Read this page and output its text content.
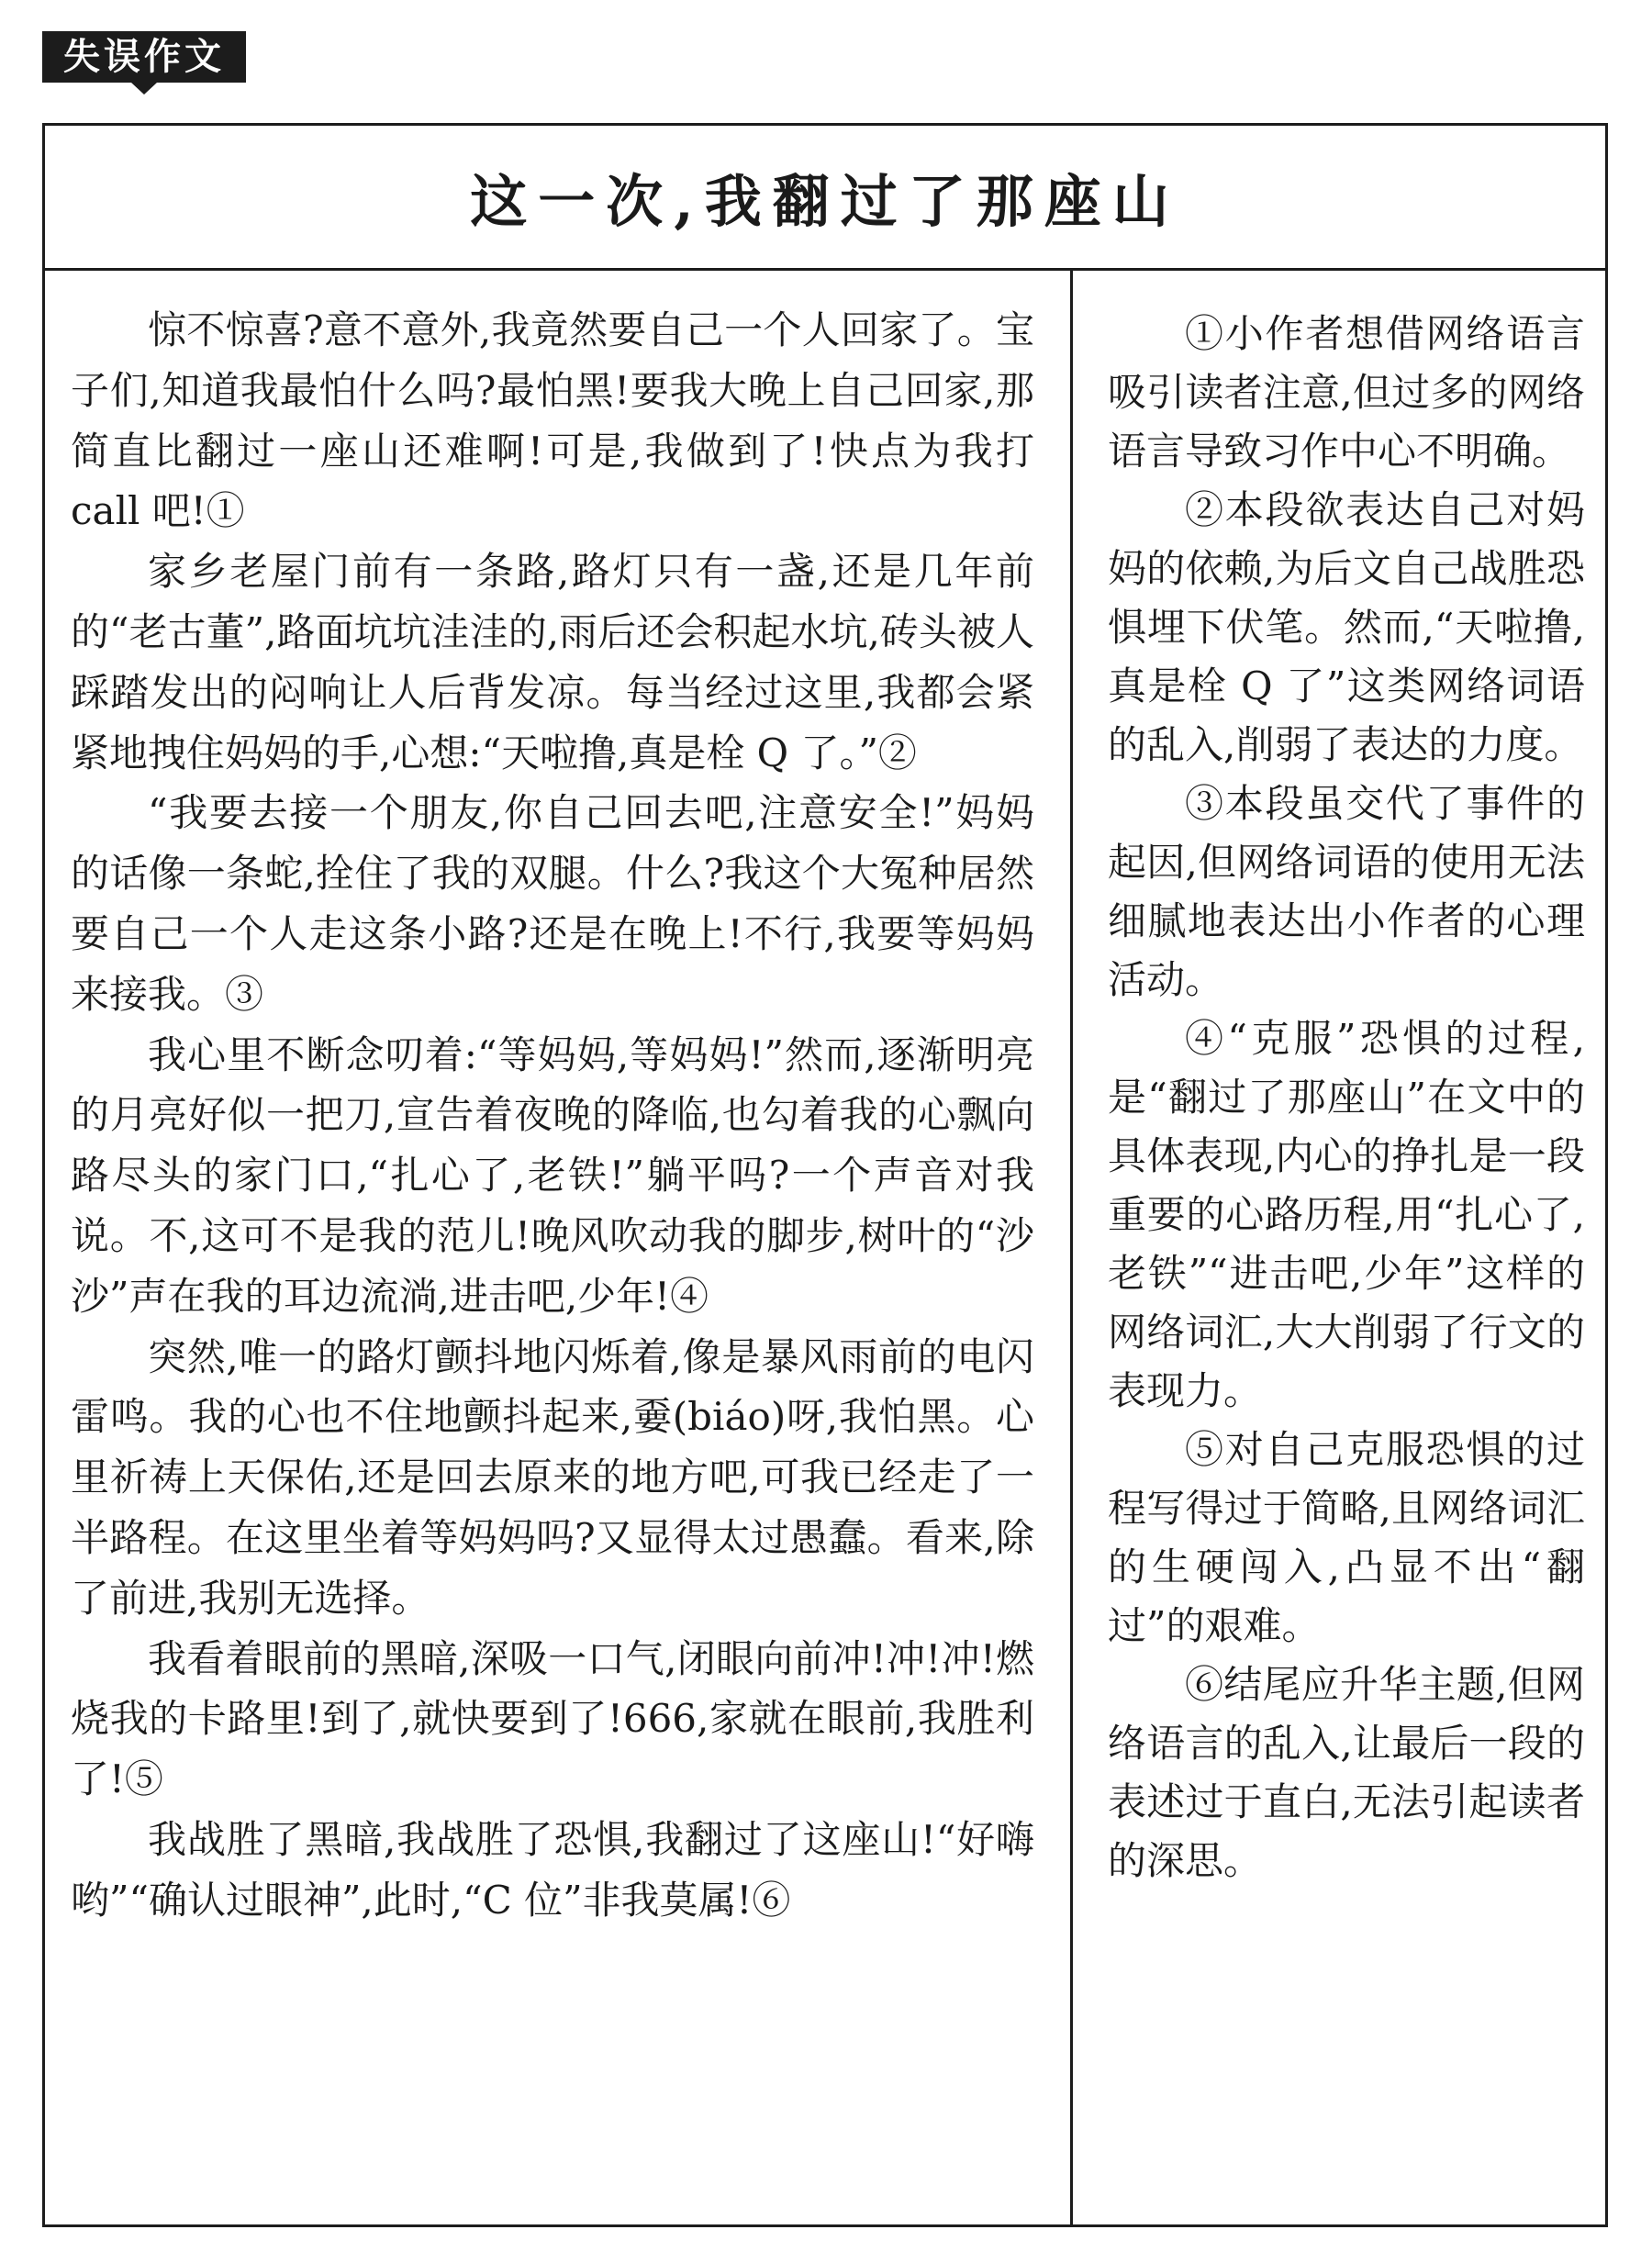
失误作文
这一次,我翻过了那座山

惊不惊喜?意不意外,我竟然要自己一个人回家了。宝子们,知道我最怕什么吗?最怕黑!要我大晚上自己回家,那简直比翻过一座山还难啊!可是,我做到了!快点为我打 call 吧!①

家乡老屋门前有一条路,路灯只有一盏,还是几年前的“老古董”,路面坑坑洼洼的,雨后还会积起水坑,砖头被人踩踏发出的闷响让人后背发凉。每当经过这里,我都会紧紧地拽住妈妈的手,心想:“天啦撸,真是栓 Q 了。”②

“我要去接一个朋友,你自己回去吧,注意安全!”妈妈的话像一条蛇,拴住了我的双腿。什么?我这个大冤种居然要自己一个人走这条小路?还是在晚上!不行,我要等妈妈来接我。③

我心里不断念叨着:“等妈妈,等妈妈!”然而,逐渐明亮的月亮好似一把刀,宣告着夜晚的降临,也勾着我的心飘向路尽头的家门口,“扎心了,老铁!”躺平吗?一个声音对我说。不,这可不是我的范儿!晚风吹动我的脚步,树叶的“沙沙”声在我的耳边流淌,进击吧,少年!④

突然,唯一的路灯颤抖地闪烁着,像是暴风雨前的电闪雷鸣。我的心也不住地颤抖起来,嫑(biáo)呀,我怕黑。心里祈祷上天保佑,还是回去原来的地方吧,可我已经走了一半路程。在这里坐着等妈妈吗?又显得太过愚蠢。看来,除了前进,我别无选择。

我看着眼前的黑暗,深吸一口气,闭眼向前冲!冲!冲!燃烧我的卡路里!到了,就快要到了!666,家就在眼前,我胜利了!⑤

我战胜了黑暗,我战胜了恐惧,我翻过了这座山!“好嗨哟”“确认过眼神”,此时,“C 位”非我莫属!⑥

①小作者想借网络语言吸引读者注意,但过多的网络语言导致习作中心不明确。

②本段欲表达自己对妈妈的依赖,为后文自己战胜恐惧埋下伏笔。然而,“天啦撸,真是栓 Q 了”这类网络词语的乱入,削弱了表达的力度。

③本段虽交代了事件的起因,但网络词语的使用无法细腻地表达出小作者的心理活动。

④“克服”恐惧的过程,是“翻过了那座山”在文中的具体表现,内心的挣扎是一段重要的心路历程,用“扎心了,老铁”“进击吧,少年”这样的网络词汇,大大削弱了行文的表现力。

⑤对自己克服恐惧的过程写得过于简略,且网络词汇的生硬闯入,凸显不出“翻过”的艰难。

⑥结尾应升华主题,但网络语言的乱入,让最后一段的表述过于直白,无法引起读者的深思。
